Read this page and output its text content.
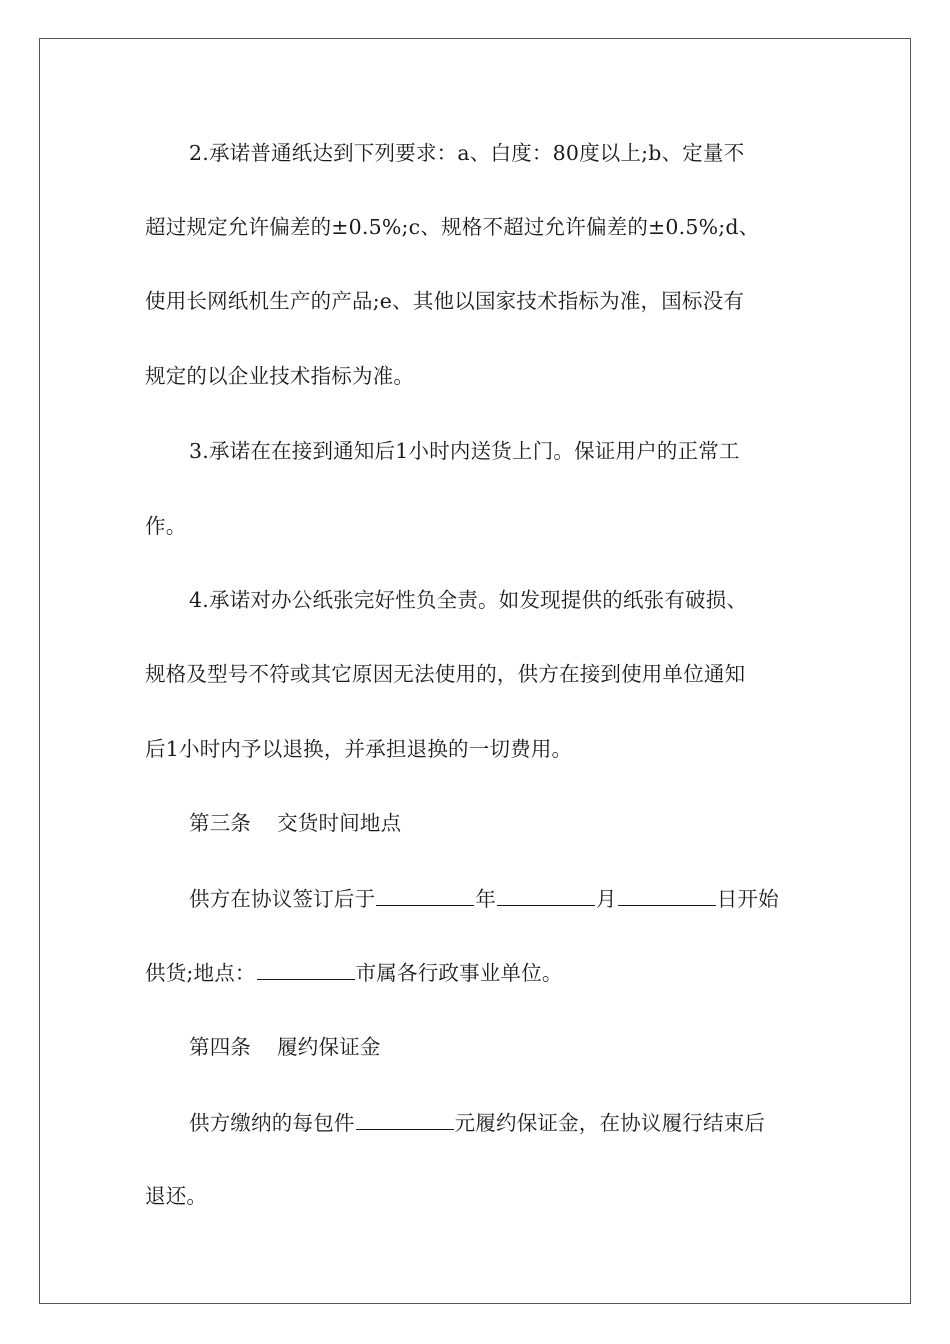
2.承诺普通纸达到下列要求：a、白度：80度以上;b、定量不
超过规定允许偏差的±0.5%;c、规格不超过允许偏差的±0.5%;d、
使用长网纸机生产的产品;e、其他以国家技术指标为准，国标没有
规定的以企业技术指标为准。
3.承诺在在接到通知后1小时内送货上门。保证用户的正常工
作。
4.承诺对办公纸张完好性负全责。如发现提供的纸张有破损、
规格及型号不符或其它原因无法使用的，供方在接到使用单位通知
后1小时内予以退换，并承担退换的一切费用。
第三条 交货时间地点
供方在协议签订后于	年	月	日开始
供货;地点：	市属各行政事业单位。
第四条 履约保证金
供方缴纳的每包件	元履约保证金，在协议履行结束后
退还。
